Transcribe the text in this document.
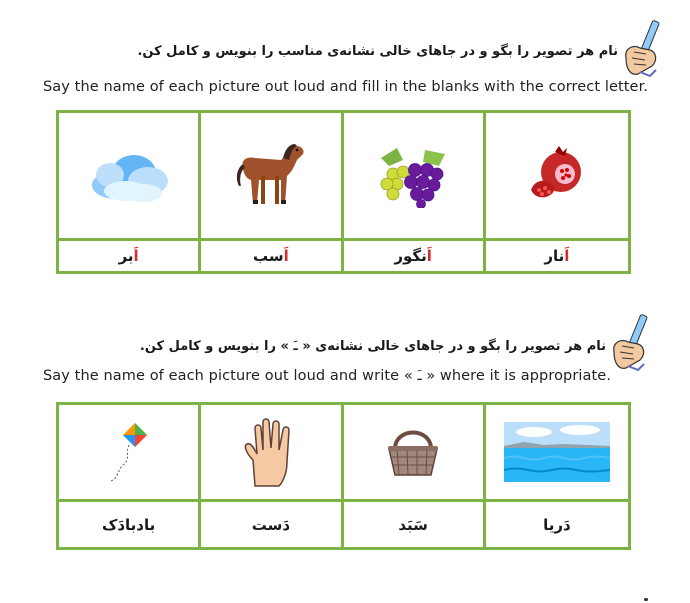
نام هر تصویر را بگو و در جاهای خالی نشانه‌ی مناسب را بنویس و کامل کن.
Say the name of each picture out loud and fill in the blanks with the correct letter.
اَبر	اَسب	اَنگور	اَنار
نام هر تصویر را بگو و در جاهای خالی نشانه‌ی « ـَ » را بنویس و کامل کن.
Say the name of each picture out loud and write « ـَ » where it is appropriate.
بادبادَک	دَست	سَبَد	دَریا
